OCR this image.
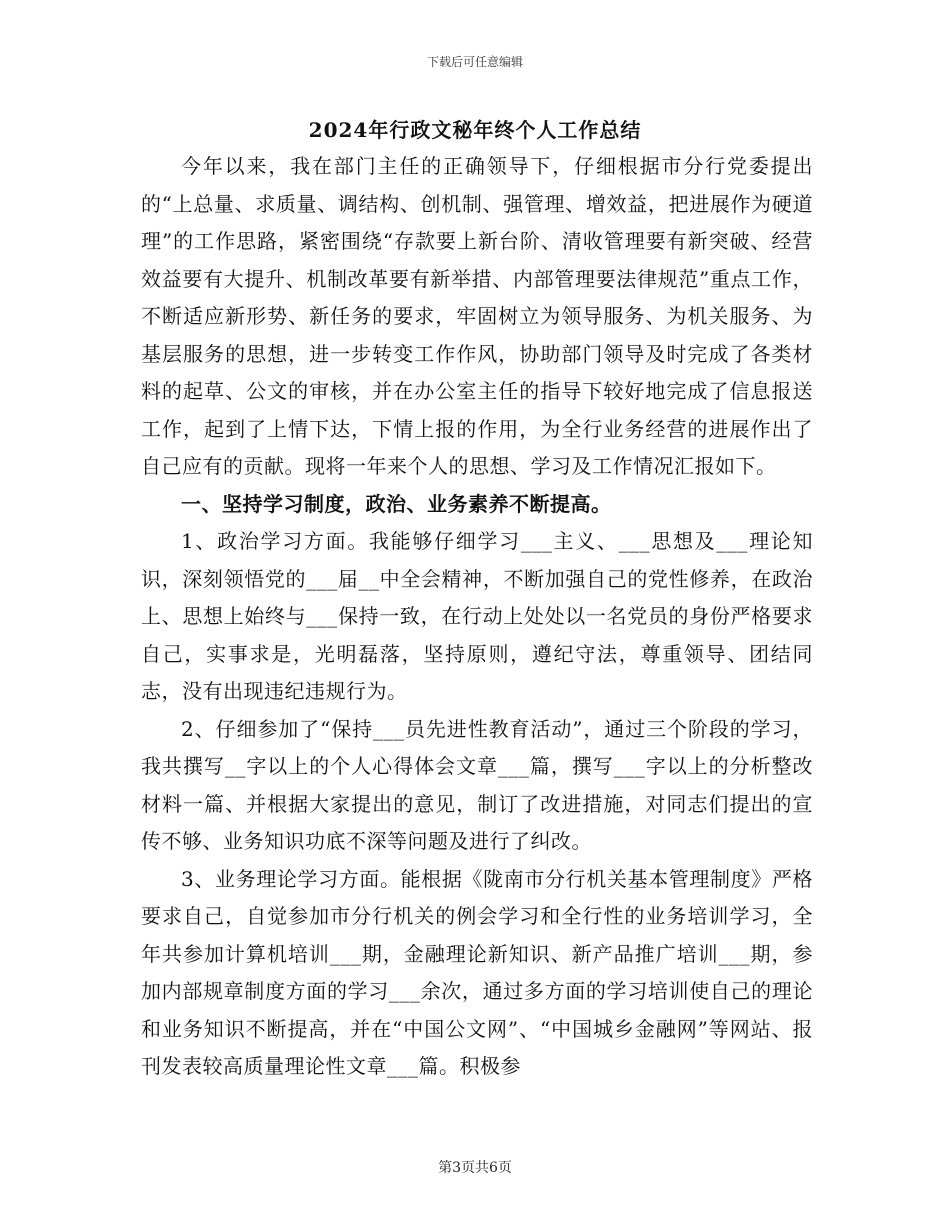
下载后可任意编辑
2024年行政文秘年终个人工作总结

今年以来，我在部门主任的正确领导下，仔细根据市分行党委提出的“上总量、求质量、调结构、创机制、强管理、增效益，把进展作为硬道理”的工作思路，紧密围绕“存款要上新台阶、清收管理要有新突破、经营效益要有大提升、机制改革要有新举措、内部管理要法律规范”重点工作，不断适应新形势、新任务的要求，牢固树立为领导服务、为机关服务、为基层服务的思想，进一步转变工作作风，协助部门领导及时完成了各类材料的起草、公文的审核，并在办公室主任的指导下较好地完成了信息报送工作，起到了上情下达，下情上报的作用，为全行业务经营的进展作出了自己应有的贡献。现将一年来个人的思想、学习及工作情况汇报如下。

一、坚持学习制度，政治、业务素养不断提高。

1、政治学习方面。我能够仔细学习___主义、___思想及___理论知识，深刻领悟党的___届__中全会精神，不断加强自己的党性修养，在政治上、思想上始终与___保持一致，在行动上处处以一名党员的身份严格要求自己，实事求是，光明磊落，坚持原则，遵纪守法，尊重领导、团结同志，没有出现违纪违规行为。

2、仔细参加了“保持___员先进性教育活动”，通过三个阶段的学习，我共撰写__字以上的个人心得体会文章___篇，撰写___字以上的分析整改材料一篇、并根据大家提出的意见，制订了改进措施，对同志们提出的宣传不够、业务知识功底不深等问题及进行了纠改。

3、业务理论学习方面。能根据《陇南市分行机关基本管理制度》严格要求自己，自觉参加市分行机关的例会学习和全行性的业务培训学习，全年共参加计算机培训___期，金融理论新知识、新产品推广培训___期，参加内部规章制度方面的学习___余次，通过多方面的学习培训使自己的理论和业务知识不断提高，并在“中国公文网”、“中国城乡金融网”等网站、报刊发表较高质量理论性文章___篇。积极参

第3页共6页
